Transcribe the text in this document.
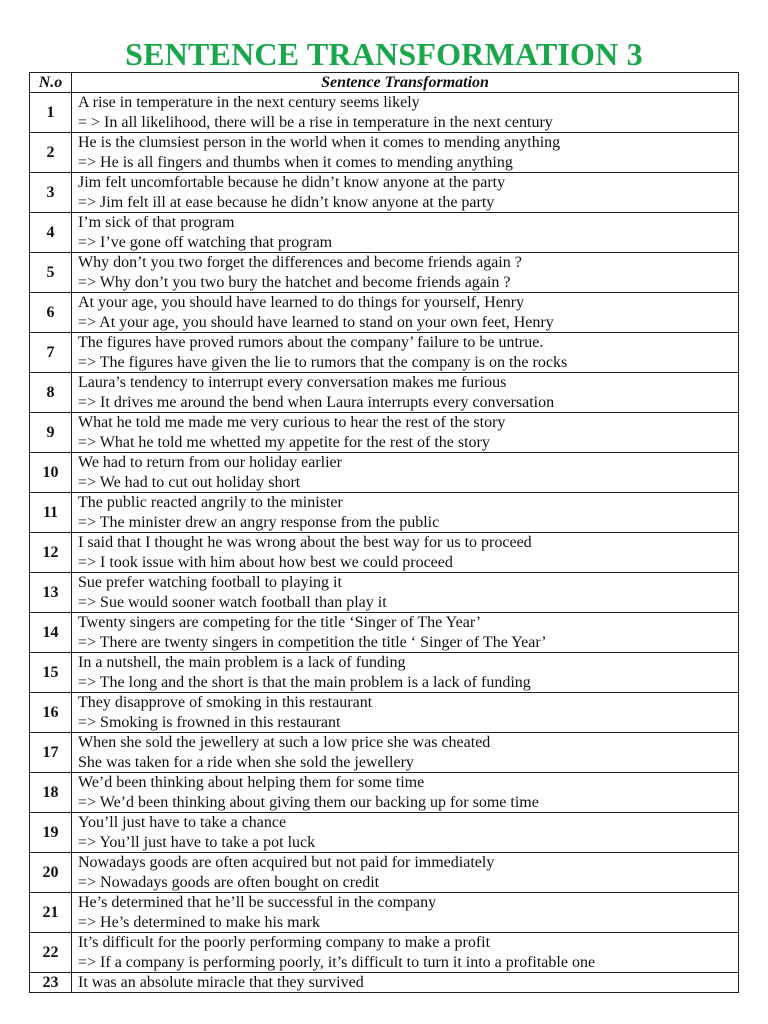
SENTENCE TRANSFORMATION 3
N.o	Sentence Transformation
1	A rise in temperature in the next century seems likely
= > In all likelihood, there will be a rise in temperature in the next century

2	He is the clumsiest person in the world when it comes to mending anything
=> He is all fingers and thumbs when it comes to mending anything

3	Jim felt uncomfortable because he didn’t know anyone at the party
=> Jim felt ill at ease because he didn’t know anyone at the party

4	I’m sick of that program
=> I’ve gone off watching that program

5	Why don’t you two forget the differences and become friends again ?
=> Why don’t you two bury the hatchet and become friends again ?

6	At your age, you should have learned to do things for yourself, Henry
=> At your age, you should have learned to stand on your own feet, Henry

7	The figures have proved rumors about the company’ failure to be untrue.
=> The figures have given the lie to rumors that the company is on the rocks

8	Laura’s tendency to interrupt every conversation makes me furious
=> It drives me around the bend when Laura interrupts every conversation

9	What he told me made me very curious to hear the rest of the story
=> What he told me whetted my appetite for the rest of the story

10	We had to return from our holiday earlier
=> We had to cut out holiday short

11	The public reacted angrily to the minister
=> The minister drew an angry response from the public

12	I said that I thought he was wrong about the best way for us to proceed
=> I took issue with him about how best we could proceed

13	Sue prefer watching football to playing it
=> Sue would sooner watch football than play it

14	Twenty singers are competing for the title ‘Singer of The Year’
=> There are twenty singers in competition the title ‘ Singer of The Year’

15	In a nutshell, the main problem is a lack of funding
=> The long and the short is that the main problem is a lack of funding

16	They disapprove of smoking in this restaurant
=> Smoking is frowned in this restaurant

17	When she sold the jewellery at such a low price she was cheated
She was taken for a ride when she sold the jewellery

18	We’d been thinking about helping them for some time
=> We’d been thinking about giving them our backing up for some time

19	You’ll just have to take a chance
=> You’ll just have to take a pot luck

20	Nowadays goods are often acquired but not paid for immediately
=> Nowadays goods are often bought on credit

21	He’s determined that he’ll be successful in the company
=> He’s determined to make his mark

22	It’s difficult for the poorly performing company to make a profit
=> If a company is performing poorly, it’s difficult to turn it into a profitable one

23	It was an absolute miracle that they survived
